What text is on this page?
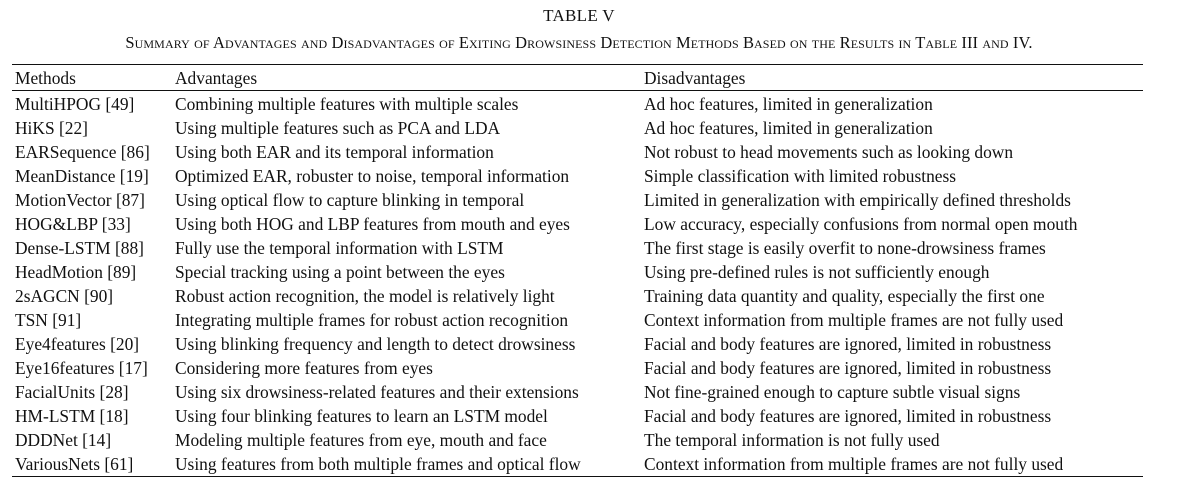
TABLE V
Summary of Advantages and Disadvantages of Exiting Drowsiness Detection Methods Based on the Results in Table III and IV.
Methods	Advantages	Disadvantages
MultiHPOG [49]	Combining multiple features with multiple scales	Ad hoc features, limited in generalization
HiKS [22]	Using multiple features such as PCA and LDA	Ad hoc features, limited in generalization
EARSequence [86]	Using both EAR and its temporal information	Not robust to head movements such as looking down
MeanDistance [19]	Optimized EAR, robuster to noise, temporal information	Simple classification with limited robustness
MotionVector [87]	Using optical flow to capture blinking in temporal	Limited in generalization with empirically defined thresholds
HOG&LBP [33]	Using both HOG and LBP features from mouth and eyes	Low accuracy, especially confusions from normal open mouth
Dense-LSTM [88]	Fully use the temporal information with LSTM	The first stage is easily overfit to none-drowsiness frames
HeadMotion [89]	Special tracking using a point between the eyes	Using pre-defined rules is not sufficiently enough
2sAGCN [90]	Robust action recognition, the model is relatively light	Training data quantity and quality, especially the first one
TSN [91]	Integrating multiple frames for robust action recognition	Context information from multiple frames are not fully used
Eye4features [20]	Using blinking frequency and length to detect drowsiness	Facial and body features are ignored, limited in robustness
Eye16features [17]	Considering more features from eyes	Facial and body features are ignored, limited in robustness
FacialUnits [28]	Using six drowsiness-related features and their extensions	Not fine-grained enough to capture subtle visual signs
HM-LSTM [18]	Using four blinking features to learn an LSTM model	Facial and body features are ignored, limited in robustness
DDDNet [14]	Modeling multiple features from eye, mouth and face	The temporal information is not fully used
VariousNets [61]	Using features from both multiple frames and optical flow	Context information from multiple frames are not fully used
